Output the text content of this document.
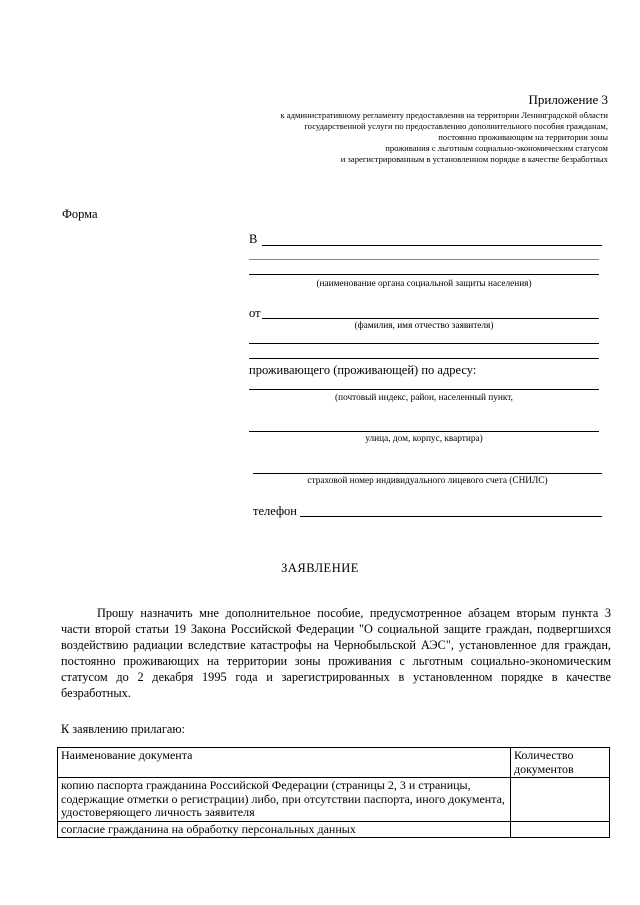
Приложение 3
к административному регламенту предоставления на территории Ленинградской области
государственной услуги по предоставлению дополнительного пособия гражданам,
постоянно проживающим на территории зоны
проживания с льготным социально-экономическим статусом
и зарегистрированным в установленном порядке в качестве безработных
Форма
В
(наименование органа социальной защиты населения)
от
(фамилия, имя отчество заявителя)
проживающего (проживающей) по адресу:
(почтовый индекс, район, населенный пункт,
улица, дом, корпус, квартира)
страховой номер индивидуального лицевого счета (СНИЛС)
телефон
ЗАЯВЛЕНИЕ
Прошу назначить мне дополнительное пособие, предусмотренное абзацем вторым пункта 3 части второй статьи 19 Закона Российской Федерации "О социальной защите граждан, подвергшихся воздействию радиации вследствие катастрофы на Чернобыльской АЭС", установленное для граждан, постоянно проживающих на территории зоны проживания с льготным социально-экономическим статусом до 2 декабря 1995 года и зарегистрированных в установленном порядке в качестве безработных.
К заявлению прилагаю:
Наименование документа	Количество документов
копию паспорта гражданина Российской Федерации (страницы 2, 3 и страницы, содержащие отметки о регистрации) либо, при отсутствии паспорта, иного документа, удостоверяющего личность заявителя	
согласие гражданина на обработку персональных данных	
